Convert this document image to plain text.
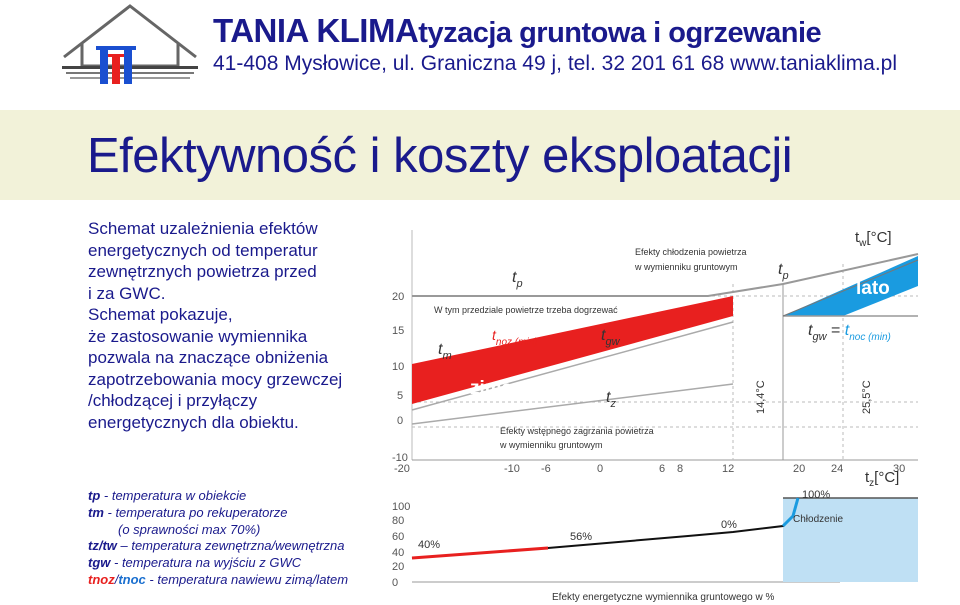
TANIA KLIMAtyzacja gruntowa i ogrzewanie
41-408 Mysłowice, ul. Graniczna 49 j, tel. 32 201 61 68 www.taniaklima.pl
Efektywność i koszty eksploatacji

Schemat uzależnienia efektów

energetycznych od temperatur

zewnętrznych powietrza przed

i za GWC.

Schemat pokazuje,

że zastosowanie wymiennika

pozwala na znaczące obniżenia

zapotrzebowania mocy grzewczej

/chłodzącej i przyłączy

energetycznych dla obiektu.

tp - temperatura w obiekcie
tm - temperatura po rekuperatorze
(o sprawności max 70%)
tz/tw – temperatura zewnętrzna/wewnętrzna
tgw - temperatura na wyjściu z GWC
tnoz/tnoc - temperatura nawiewu zimą/latem
20
15
10
5
0
-10
$t_w[^\circ C]$
Efekty chłodzenia powietrza
w wymienniku gruntowym
W tym przedziale powietrze trzeba dogrzewać
Efekty wstępnego zagrzania powietrza
w wymienniku gruntowym
$t_p$
$t_p$
$t_m$
$t_{noz (min)}$	$t_{gw}$
$t_z$
$t_{gw} = t_{noc (min)}$
zima
lato
14,4°C	25,5°C
-20	-10 -6	0	6 8	12	20 24	30
$t_z[^\circ C]$
100
80
60
40
20
0
40%
56%
0%
100%
Chłodzenie
Efekty energetyczne wymiennika gruntowego w %
